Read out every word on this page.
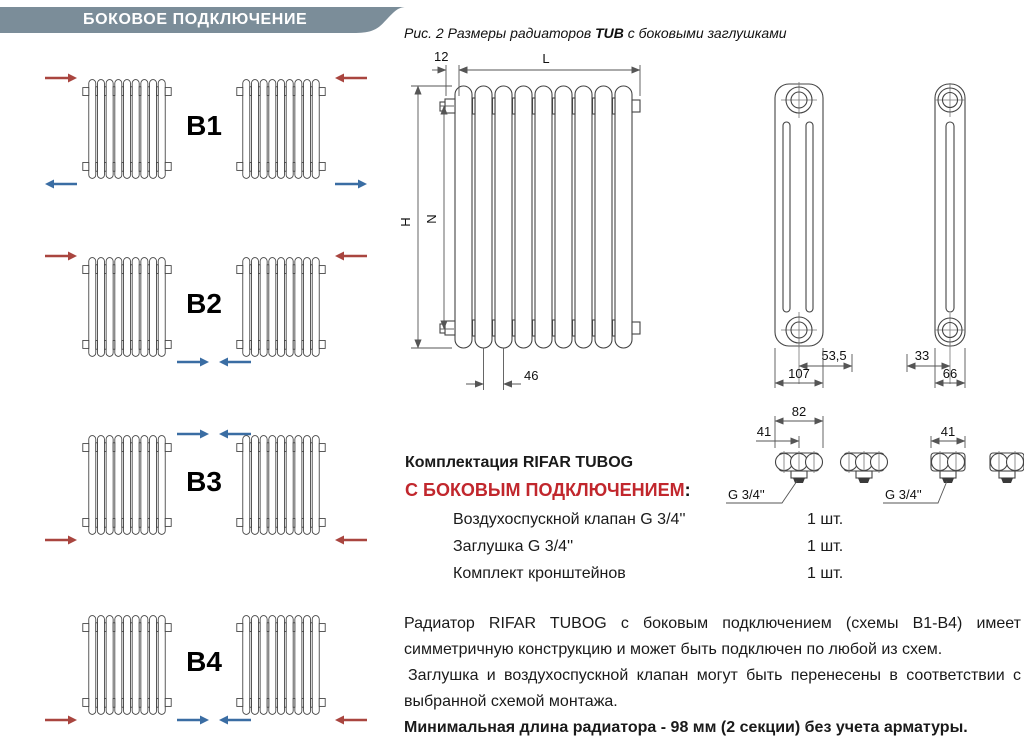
БОКОВОЕ ПОДКЛЮЧЕНИЕ
Рис. 2 Размеры радиаторов TUB с боковыми заглушками
В1
В2
В3
В4
12	L
H N
46
53,5
107
33
66
82
41
G 3/4''
41
G 3/4''
Комплектация RIFAR TUBOG
С БОКОВЫМ ПОДКЛЮЧЕНИЕМ:
Воздухоспускной клапан G 3/4''	1 шт.
Заглушка G 3/4''	1 шт.
Комплект кронштейнов	1 шт.

Радиатор RIFAR TUBOG с боковым подключением (схемы В1-В4) имеет симметричную конструкцию и может быть подключен по любой из схем.

Заглушка и воздухоспускной клапан могут быть перенесены в соответствии с выбранной схемой монтажа.

Минимальная длина радиатора - 98 мм (2 секции) без учета арматуры.
